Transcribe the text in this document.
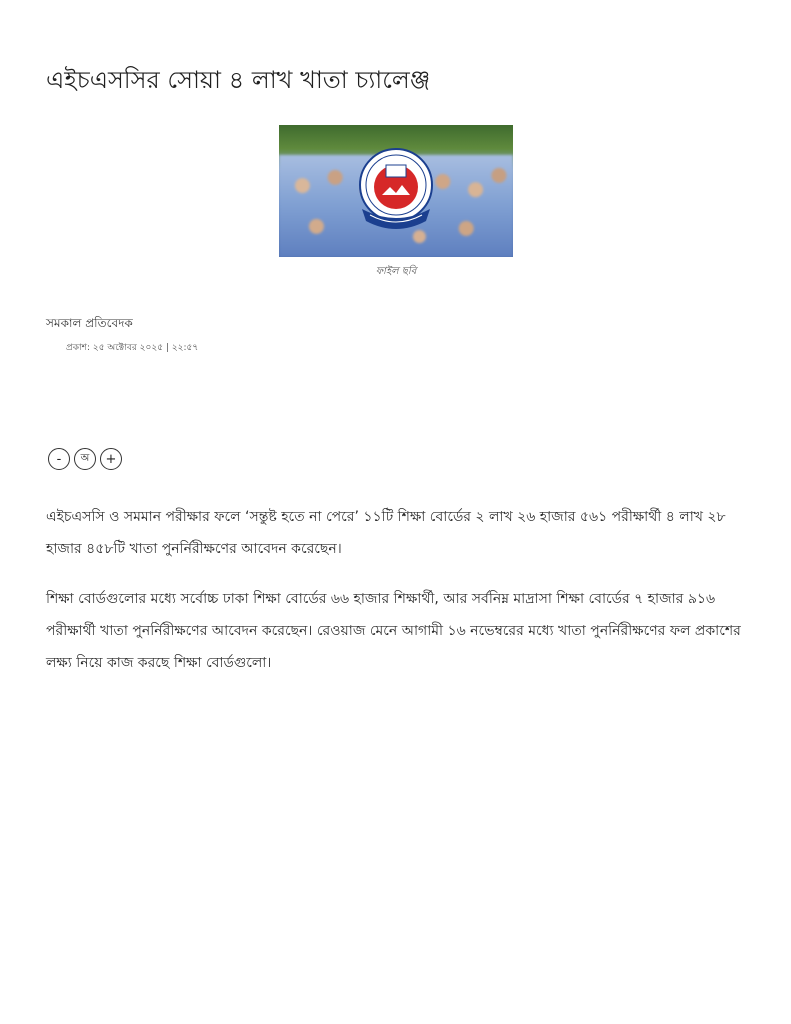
এইচএসসির সোয়া ৪ লাখ খাতা চ্যালেঞ্জ
ফাইল ছবি
সমকাল প্রতিবেদক
প্রকাশ: ২৫ অক্টোবর ২০২৫ | ২২:৫৭
-	অ	+

এইচএসসি ও সমমান পরীক্ষার ফলে ‘সন্তুষ্ট হতে না পেরে’ ১১টি শিক্ষা বোর্ডের ২ লাখ ২৬ হাজার ৫৬১ পরীক্ষার্থী ৪ লাখ ২৮ হাজার ৪৫৮টি খাতা পুনর্নিরীক্ষণের আবেদন করেছেন।

শিক্ষা বোর্ডগুলোর মধ্যে সর্বোচ্চ ঢাকা শিক্ষা বোর্ডের ৬৬ হাজার শিক্ষার্থী, আর সর্বনিম্ন মাদ্রাসা শিক্ষা বোর্ডের ৭ হাজার ৯১৬ পরীক্ষার্থী খাতা পুনর্নিরীক্ষণের আবেদন করেছেন। রেওয়াজ মেনে আগামী ১৬ নভেম্বরের মধ্যে খাতা পুনর্নিরীক্ষণের ফল প্রকাশের লক্ষ্য নিয়ে কাজ করছে শিক্ষা বোর্ডগুলো।
